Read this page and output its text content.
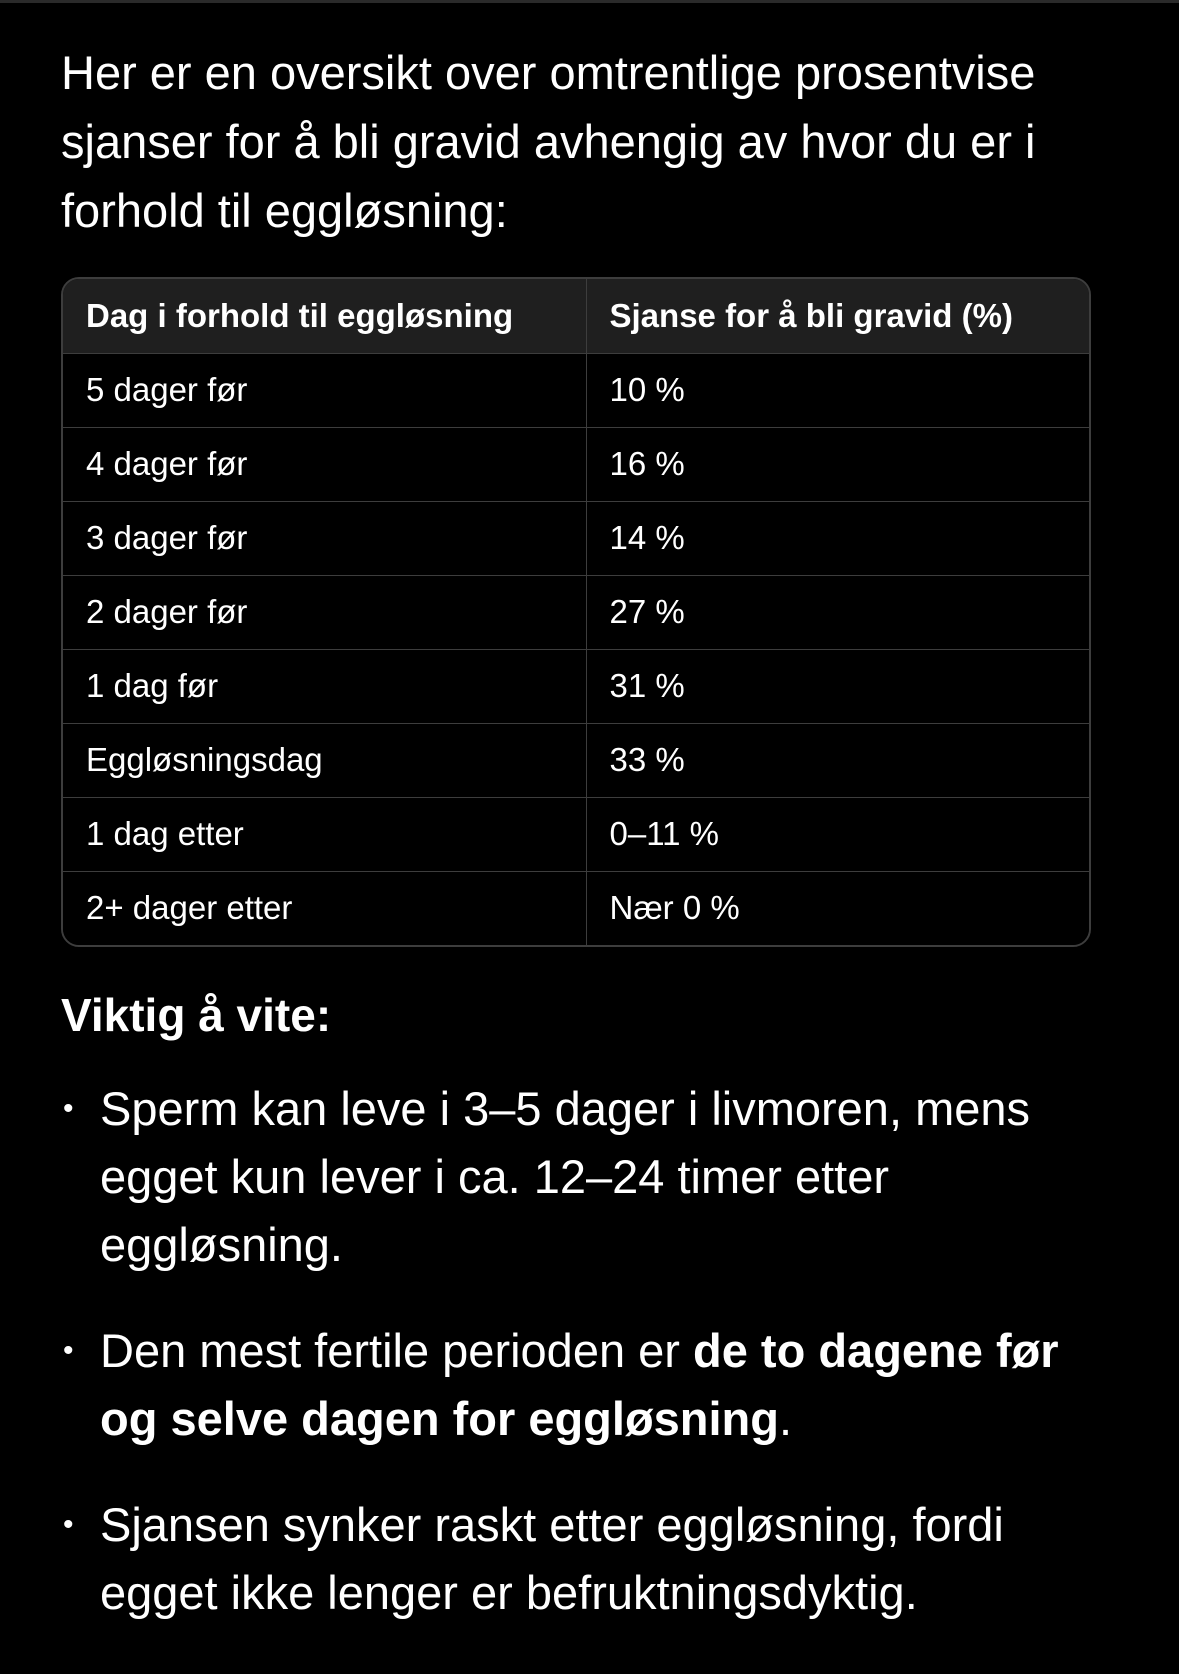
Her er en oversikt over omtrentlige prosentvise sjanser for å bli gravid avhengig av hvor du er i forhold til eggløsning:

Dag i forhold til eggløsning	Sjanse for å bli gravid (%)
5 dager før	10 %
4 dager før	16 %
3 dager før	14 %
2 dager før	27 %
1 dag før	31 %
Eggløsningsdag	33 %
1 dag etter	0–11 %
2+ dager etter	Nær 0 %
Viktig å vite:
• Sperm kan leve i 3–5 dager i livmoren, mens egget kun lever i ca. 12–24 timer etter eggløsning.
• Den mest fertile perioden er de to dagene før og selve dagen for eggløsning.
• Sjansen synker raskt etter eggløsning, fordi egget ikke lenger er befruktningsdyktig.
